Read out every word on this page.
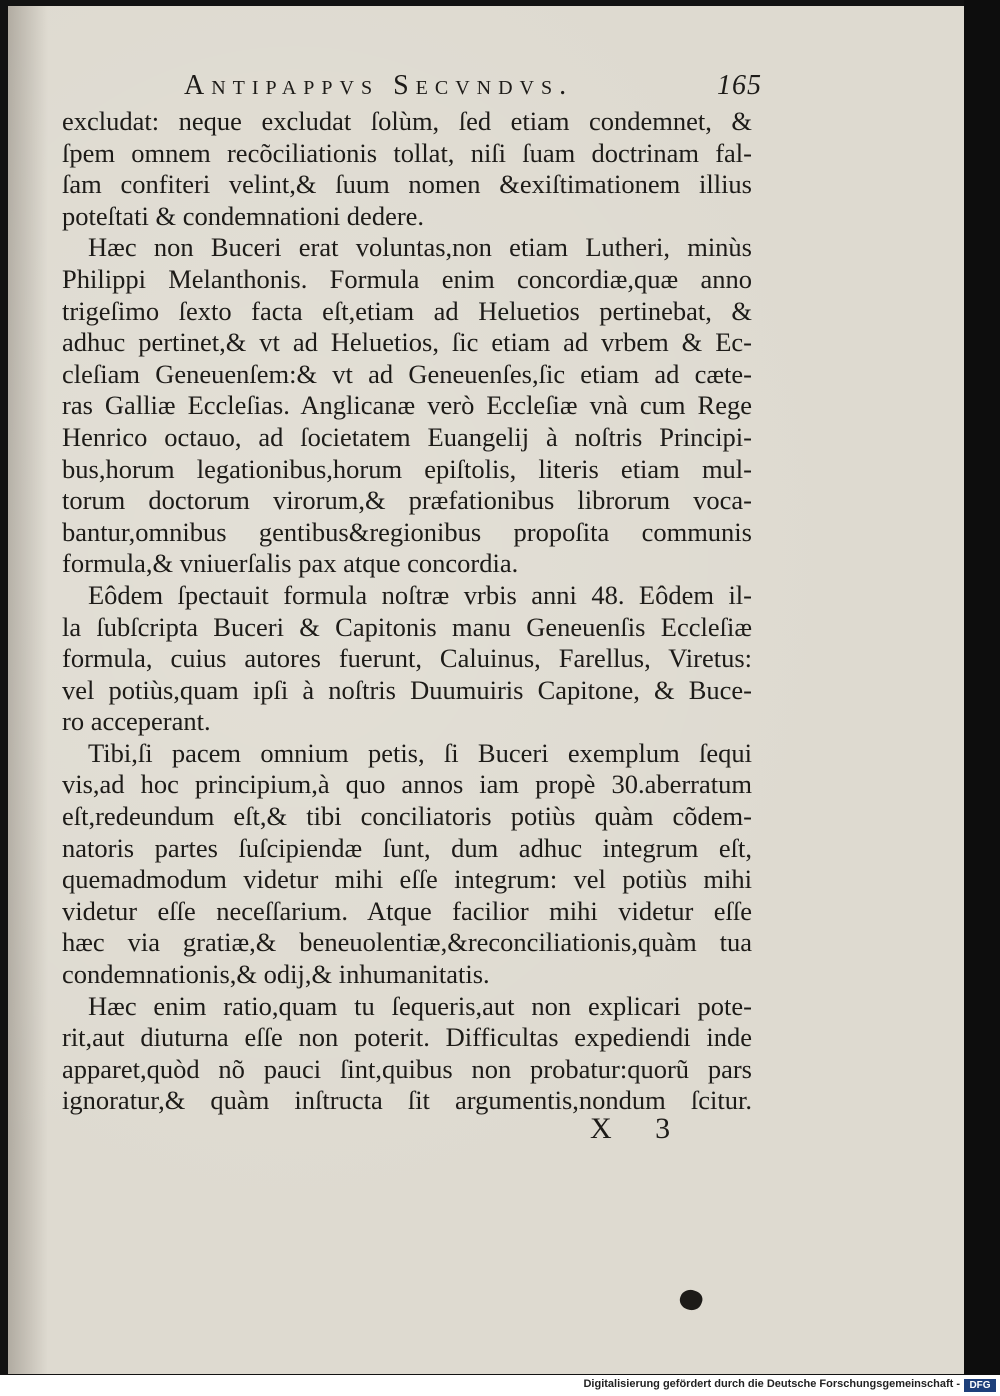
Antipappvs Secvndvs.	165
excludat: neque excludat ſolùm, ſed etiam condemnet, &
ſpem omnem recõciliationis tollat, niſi ſuam doctrinam fal-
ſam confiteri velint,& ſuum nomen &exiſtimationem illius
poteſtati & condemnationi dedere.
Hæc non Buceri erat voluntas,non etiam Lutheri, minùs
Philippi Melanthonis. Formula enim concordiæ,quæ anno
trigeſimo ſexto facta eſt,etiam ad Heluetios pertinebat, &
adhuc pertinet,& vt ad Heluetios, ſic etiam ad vrbem & Ec-
cleſiam Geneuenſem:& vt ad Geneuenſes,ſic etiam ad cæte-
ras Galliæ Eccleſias. Anglicanæ verò Eccleſiæ vnà cum Rege
Henrico octauo, ad ſocietatem Euangelij à noſtris Principi-
bus,horum legationibus,horum epiſtolis, literis etiam mul-
torum doctorum virorum,& præfationibus librorum voca-
bantur,omnibus gentibus&regionibus propoſita communis
formula,& vniuerſalis pax atque concordia.
Eôdem ſpectauit formula noſtræ vrbis anni 48. Eôdem il-
la ſubſcripta Buceri & Capitonis manu Geneuenſis Eccleſiæ
formula, cuius autores fuerunt, Caluinus, Farellus, Viretus:
vel potiùs,quam ipſi à noſtris Duumuiris Capitone, & Buce-
ro acceperant.
Tibi,ſi pacem omnium petis, ſi Buceri exemplum ſequi
vis,ad hoc principium,à quo annos iam propè 30.aberratum
eſt,redeundum eſt,& tibi conciliatoris potiùs quàm cõdem-
natoris partes ſuſcipiendæ ſunt, dum adhuc integrum eſt,
quemadmodum videtur mihi eſſe integrum: vel potiùs mihi
videtur eſſe neceſſarium. Atque facilior mihi videtur eſſe
hæc via gratiæ,& beneuolentiæ,&reconciliationis,quàm tua
condemnationis,& odij,& inhumanitatis.
Hæc enim ratio,quam tu ſequeris,aut non explicari pote-
rit,aut diuturna eſſe non poterit. Difficultas expediendi inde
apparet,quòd nõ pauci ſint,quibus non probatur:quorũ pars
ignoratur,& quàm inſtructa ſit argumentis,nondum ſcitur.
X 3
Digitalisierung gefördert durch die Deutsche Forschungsgemeinschaft - DFG
